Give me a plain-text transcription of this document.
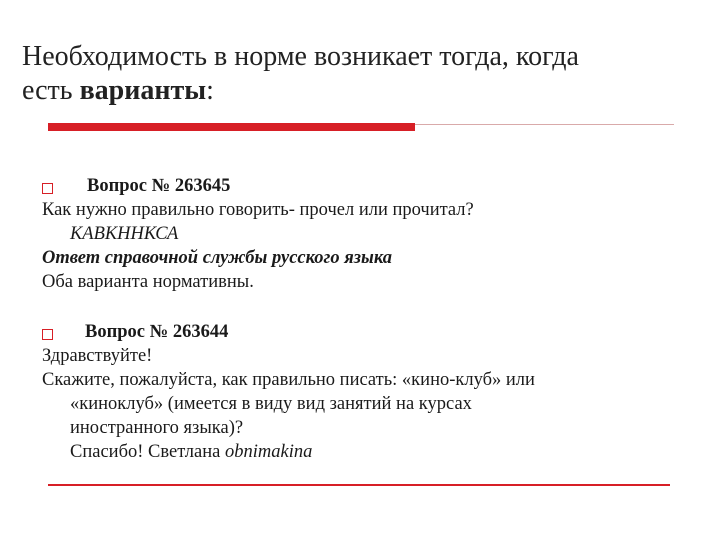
Необходимость в норме возникает тогда, когда
есть варианты:
Вопрос № 263645

Как нужно правильно говорить- прочел или прочитал?

КАВКННКСА

Ответ справочной службы русского языка

Оба варианта нормативны.

Вопрос № 263644

Здравствуйте!

Скажите, пожалуйста, как правильно писать: «кино-клуб» или

«киноклуб» (имеется в виду вид занятий на курсах

иностранного языка)?

Спасибо! Светлана obnimakina
